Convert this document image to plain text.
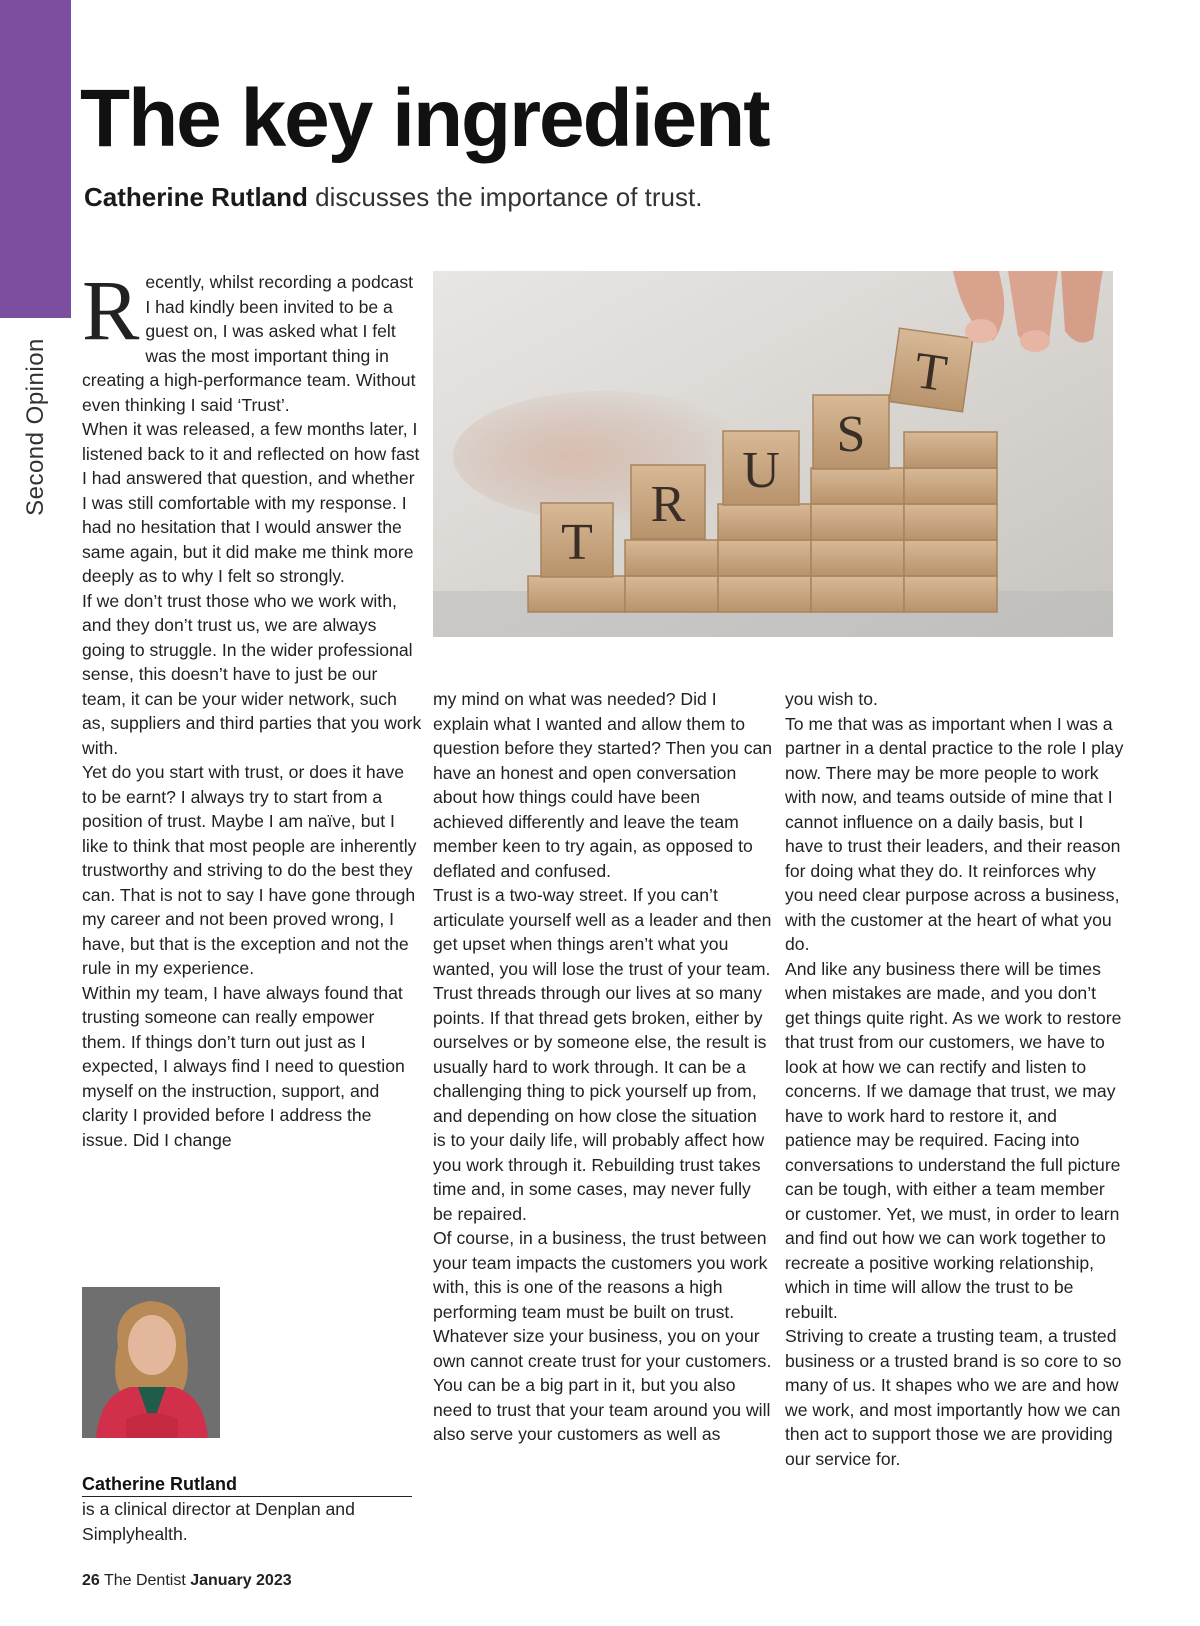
Second Opinion
The key ingredient
Catherine Rutland discusses the importance of trust.

Recently, whilst recording a podcast I had kindly been invited to be a guest on, I was asked what I felt was the most important thing in creating a high-performance team. Without even thinking I said ‘Trust’.
When it was released, a few months later, I listened back to it and reflected on how fast I had answered that question, and whether I was still comfortable with my response. I had no hesitation that I would answer the same again, but it did make me think more deeply as to why I felt so strongly.
If we don’t trust those who we work with, and they don’t trust us, we are always going to struggle. In the wider professional sense, this doesn’t have to just be our team, it can be your wider network, such as, suppliers and third parties that you work with.
Yet do you start with trust, or does it have to be earnt? I always try to start from a position of trust. Maybe I am naïve, but I like to think that most people are inherently trustworthy and striving to do the best they can. That is not to say I have gone through my career and not been proved wrong, I have, but that is the exception and not the rule in my experience.
Within my team, I have always found that trusting someone can really empower them. If things don’t turn out just as I expected, I always find I need to question myself on the instruction, support, and clarity I provided before I address the issue. Did I change

T
R
U
S
T

my mind on what was needed? Did I explain what I wanted and allow them to question before they started? Then you can have an honest and open conversation about how things could have been achieved differently and leave the team member keen to try again, as opposed to deflated and confused.
Trust is a two-way street. If you can’t articulate yourself well as a leader and then get upset when things aren’t what you wanted, you will lose the trust of your team.
Trust threads through our lives at so many points. If that thread gets broken, either by ourselves or by someone else, the result is usually hard to work through. It can be a challenging thing to pick yourself up from, and depending on how close the situation is to your daily life, will probably affect how you work through it. Rebuilding trust takes time and, in some cases, may never fully be repaired.
Of course, in a business, the trust between your team impacts the customers you work with, this is one of the reasons a high performing team must be built on trust. Whatever size your business, you on your own cannot create trust for your customers. You can be a big part in it, but you also need to trust that your team around you will also serve your customers as well as

you wish to.
To me that was as important when I was a partner in a dental practice to the role I play now. There may be more people to work with now, and teams outside of mine that I cannot influence on a daily basis, but I have to trust their leaders, and their reason for doing what they do. It reinforces why you need clear purpose across a business, with the customer at the heart of what you do.
And like any business there will be times when mistakes are made, and you don’t get things quite right. As we work to restore that trust from our customers, we have to look at how we can rectify and listen to concerns. If we damage that trust, we may have to work hard to restore it, and patience may be required. Facing into conversations to understand the full picture can be tough, with either a team member or customer. Yet, we must, in order to learn and find out how we can work together to recreate a positive working relationship, which in time will allow the trust to be rebuilt.
Striving to create a trusting team, a trusted business or a trusted brand is so core to so many of us. It shapes who we are and how we work, and most importantly how we can then act to support those we are providing our service for.

Catherine Rutland
is a clinical director at Denplan and Simplyhealth.
26 The Dentist January 2023
